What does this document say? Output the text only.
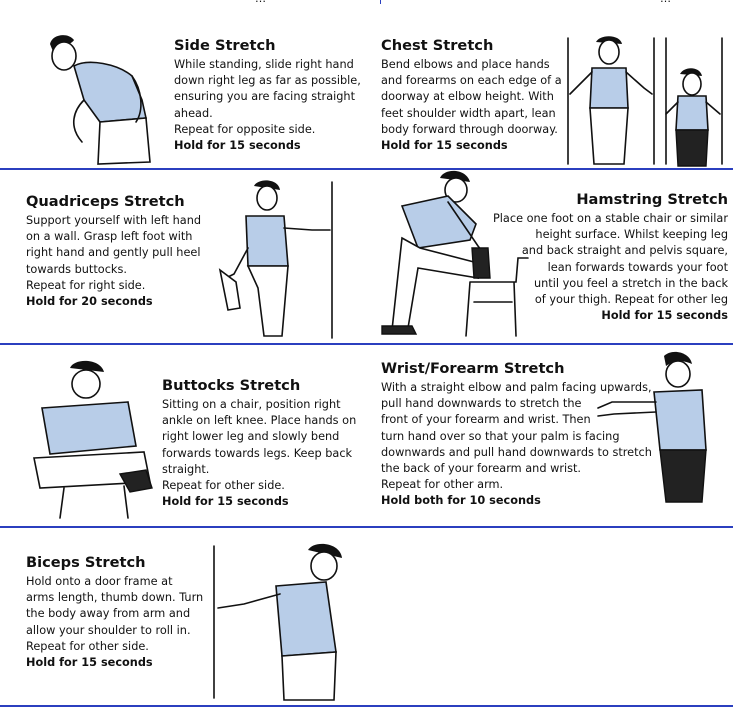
Side Stretch

While standing, slide right hand

down right leg as far as possible,

ensuring you are facing straight

ahead.

Repeat for opposite side.

Hold for 15 seconds

Chest Stretch

Bend elbows and place hands

and forearms on each edge of a

doorway at elbow height. With

feet shoulder width apart, lean

body forward through doorway.

Hold for 15 seconds

Quadriceps Stretch

Support yourself with left hand

on a wall. Grasp left foot with

right hand and gently pull heel

towards buttocks.

Repeat for right side.

Hold for 20 seconds

Hamstring Stretch

Place one foot on a stable chair or similar

height surface. Whilst keeping leg

and back straight and pelvis square,

lean forwards towards your foot

until you feel a stretch in the back

of your thigh. Repeat for other leg

Hold for 15 seconds

Buttocks Stretch

Sitting on a chair, position right

ankle on left knee. Place hands on

right lower leg and slowly bend

forwards towards legs. Keep back

straight.

Repeat for other side.

Hold for 15 seconds

Wrist/Forearm Stretch

With a straight elbow and palm facing upwards,

pull hand downwards to stretch the

front of your forearm and wrist. Then

turn hand over so that your palm is facing

downwards and pull hand downwards to stretch

the back of your forearm and wrist.

Repeat for other arm.

Hold both for 10 seconds

Biceps Stretch

Hold onto a door frame at

arms length, thumb down. Turn

the body away from arm and

allow your shoulder to roll in.

Repeat for other side.

Hold for 15 seconds
